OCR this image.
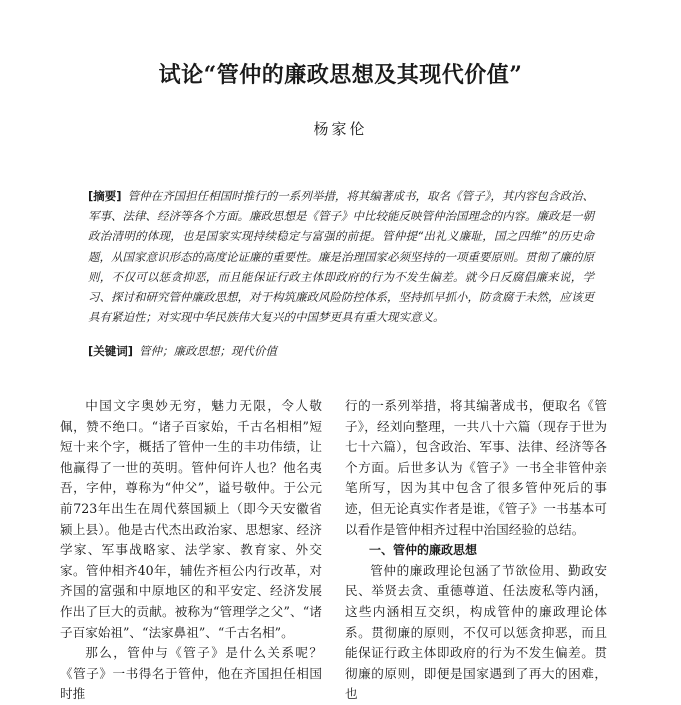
试论“管仲的廉政思想及其现代价值”
杨家伦
[摘要] 管仲在齐国担任相国时推行的一系列举措，将其编著成书，取名《管子》，其内容包含政治、军事、法律、经济等各个方面。廉政思想是《管子》中比较能反映管仲治国理念的内容。廉政是一朝政治清明的体现，也是国家实现持续稳定与富强的前提。管仲提“出礼义廉耻，国之四维”的历史命题，从国家意识形态的高度论证廉的重要性。廉是治理国家必须坚持的一项重要原则。贯彻了廉的原则，不仅可以惩贪抑恶，而且能保证行政主体即政府的行为不发生偏差。就今日反腐倡廉来说，学习、探讨和研究管仲廉政思想，对于构筑廉政风险防控体系，坚持抓早抓小，防贪腐于未然，应该更具有紧迫性；对实现中华民族伟大复兴的中国梦更具有重大现实意义。
[关键词] 管仲；廉政思想；现代价值

中国文字奥妙无穷，魅力无限，令人敬佩，赞不绝口。“诸子百家始，千古名相相”短短十来个字，概括了管仲一生的丰功伟绩，让他赢得了一世的英明。管仲何许人也？他名夷吾，字仲，尊称为“仲父”，谥号敬仲。于公元前723年出生在周代蔡国颍上（即今天安徽省颍上县）。他是古代杰出政治家、思想家、经济学家、军事战略家、法学家、教育家、外交家。管仲相齐40年，辅佐齐桓公内行改革，对齐国的富强和中原地区的和平安定、经济发展作出了巨大的贡献。被称为“管理学之父”、“诸子百家始祖”、“法家鼻祖”、“千古名相”。

那么，管仲与《管子》是什么关系呢？《管子》一书得名于管仲，他在齐国担任相国时推

行的一系列举措，将其编著成书，便取名《管子》，经刘向整理，一共八十六篇（现存于世为七十六篇），包含政治、军事、法律、经济等各个方面。后世多认为《管子》一书全非管仲亲笔所写，因为其中包含了很多管仲死后的事迹，但无论真实作者是谁，《管子》一书基本可以看作是管仲相齐过程中治国经验的总结。

一、管仲的廉政思想

管仲的廉政理论包涵了节欲俭用、勤政安民、举贤去贪、重德尊道、任法废私等内涵，这些内涵相互交织，构成管仲的廉政理论体系。贯彻廉的原则，不仅可以惩贪抑恶，而且能保证行政主体即政府的行为不发生偏差。贯彻廉的原则，即便是国家遇到了再大的困难，也
